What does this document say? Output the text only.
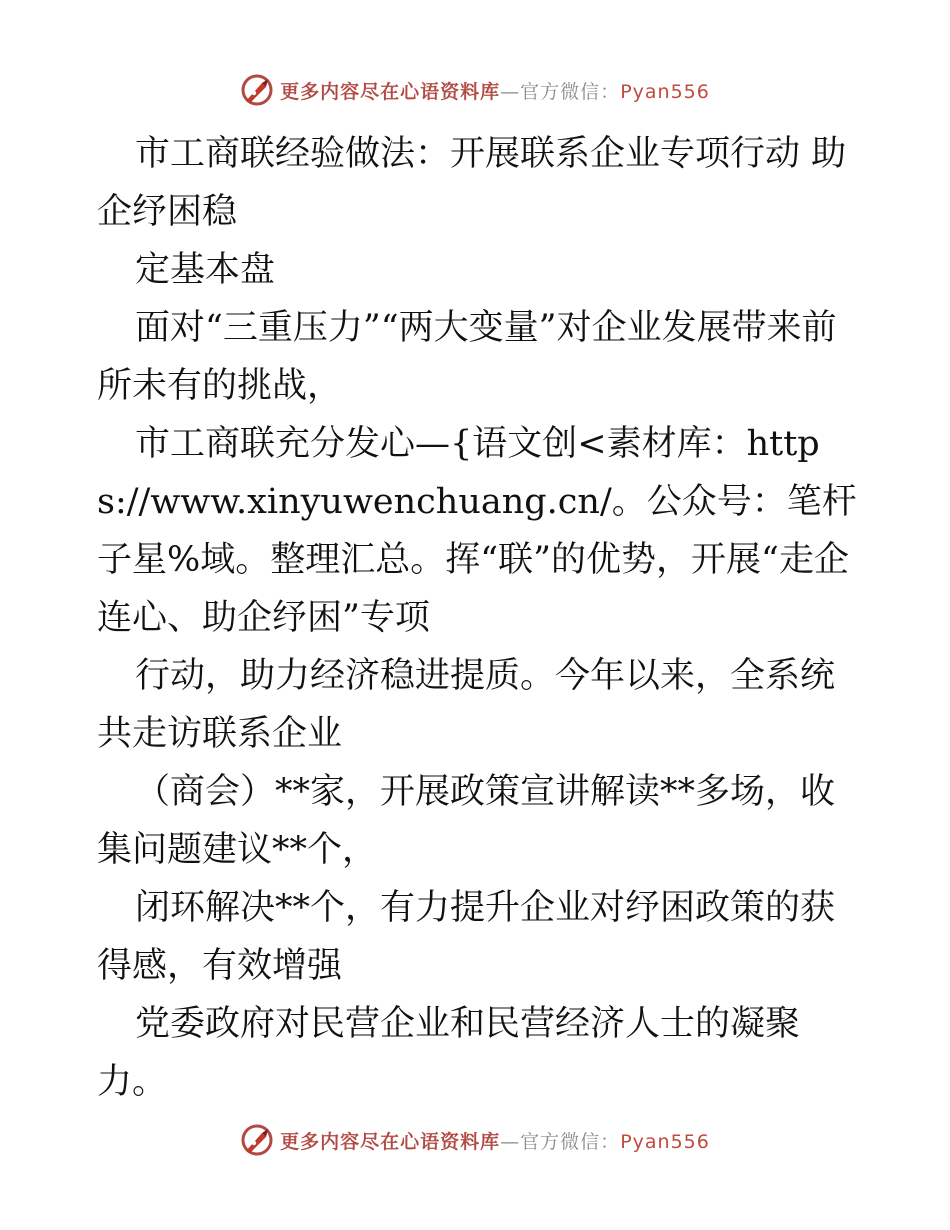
更多内容尽在心语资料库—官方微信：Pyan556

市工商联经验做法：开展联系企业专项行动 助企纾困稳

定基本盘

面对“三重压力”“两大变量”对企业发展带来前所未有的挑战，

市工商联充分发心—{语文创<素材库：https://www.xinyuwenchuang.cn/。公众号：笔杆子星%域。整理汇总。挥“联”的优势，开展“走企连心、助企纾困”专项

行动，助力经济稳进提质。今年以来，全系统共走访联系企业

（商会）**家，开展政策宣讲解读**多场，收集问题建议**个，

闭环解决**个，有力提升企业对纾困政策的获得感，有效增强

党委政府对民营企业和民营经济人士的凝聚力。

更多内容尽在心语资料库—官方微信：Pyan556
